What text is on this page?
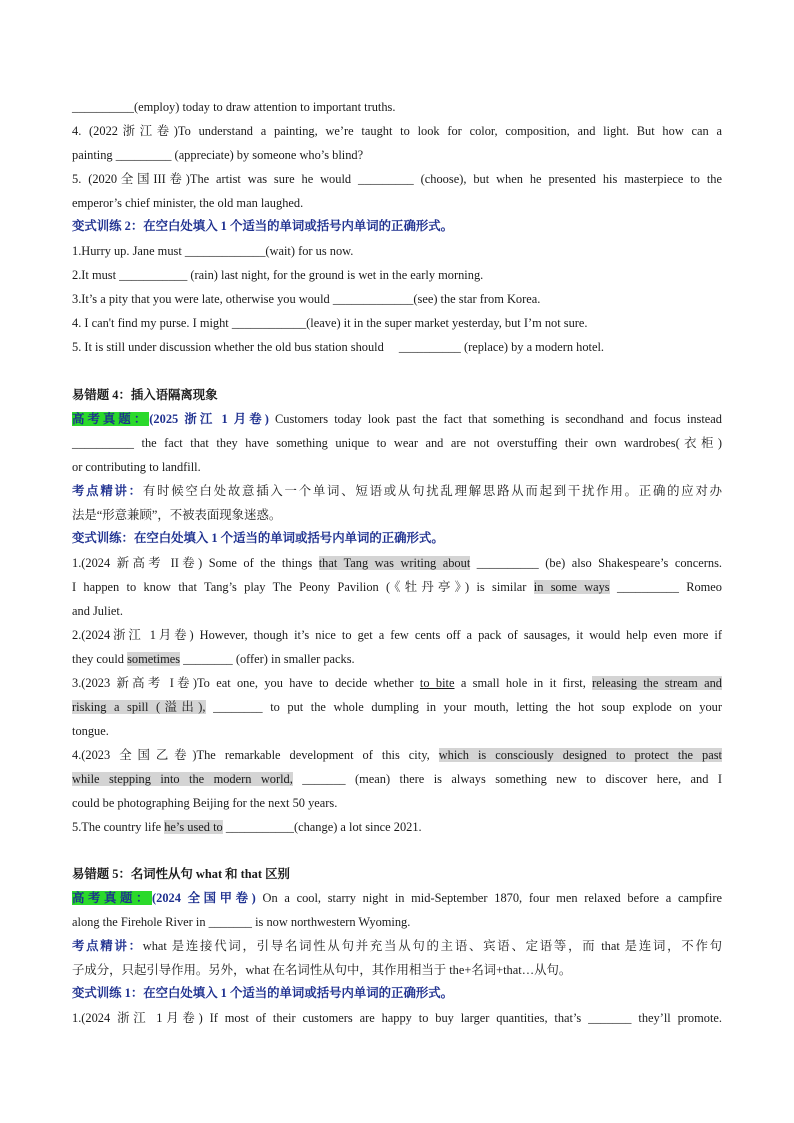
__________(employ) today to draw attention to important truths.
4. (2022浙江卷)To understand a painting, we’re taught to look for color, composition, and light. But how can a
painting _________ (appreciate) by someone who’s blind?
5. (2020全国III卷)The artist was sure he would _________ (choose), but when he presented his masterpiece to the
emperor’s chief minister, the old man laughed.
变式训练 2：在空白处填入 1 个适当的单词或括号内单词的正确形式。
1.Hurry up. Jane must _____________(wait) for us now.
2.It must ___________ (rain) last night, for the ground is wet in the early morning.
3.It’s a pity that you were late, otherwise you would _____________(see) the star from Korea.
4. I can't find my purse. I might ____________(leave) it in the super market yesterday, but I’m not sure.
5. It is still under discussion whether the old bus station should __________ (replace) by a modern hotel.
易错题 4：插入语隔离现象
高考真题：(2025 浙江 1 月卷) Customers today look past the fact that something is secondhand and focus instead
__________ the fact that they have something unique to wear and are not overstuffing their own wardrobes(衣柜)
or contributing to landfill.
考点精讲：有时候空白处故意插入一个单词、短语或从句扰乱理解思路从而起到干扰作用。正确的应对办
法是“形意兼顾”，不被表面现象迷惑。
变式训练：在空白处填入 1 个适当的单词或括号内单词的正确形式。
1.(2024 新高考 II卷) Some of the things that Tang was writing about __________ (be) also Shakespeare’s concerns.
I happen to know that Tang’s play The Peony Pavilion (《牡丹亭》) is similar in some ways __________ Romeo
and Juliet.
2.(2024浙江 1月卷) However, though it’s nice to get a few cents off a pack of sausages, it would help even more if
they could sometimes ________ (offer) in smaller packs.
3.(2023 新高考 I卷)To eat one, you have to decide whether to bite a small hole in it first, releasing the stream and
risking a spill (溢出), ________ to put the whole dumpling in your mouth, letting the hot soup explode on your
tongue.
4.(2023 全国乙卷)The remarkable development of this city, which is consciously designed to protect the past
while stepping into the modern world, _______ (mean) there is always something new to discover here, and I
could be photographing Beijing for the next 50 years.
5.The country life he’s used to ___________(change) a lot since 2021.
易错题 5：名词性从句 what 和 that 区别
高考真题：(2024 全国甲卷) On a cool, starry night in mid-September 1870, four men relaxed before a campfire
along the Firehole River in _______ is now northwestern Wyoming.
考点精讲：what 是连接代词，引导名词性从句并充当从句的主语、宾语、定语等，而 that 是连词，不作句
子成分，只起引导作用。另外，what 在名词性从句中，其作用相当于 the+名词+that…从句。
变式训练 1：在空白处填入 1 个适当的单词或括号内单词的正确形式。
1.(2024 浙江 1月卷) If most of their customers are happy to buy larger quantities, that’s _______ they’ll promote.
